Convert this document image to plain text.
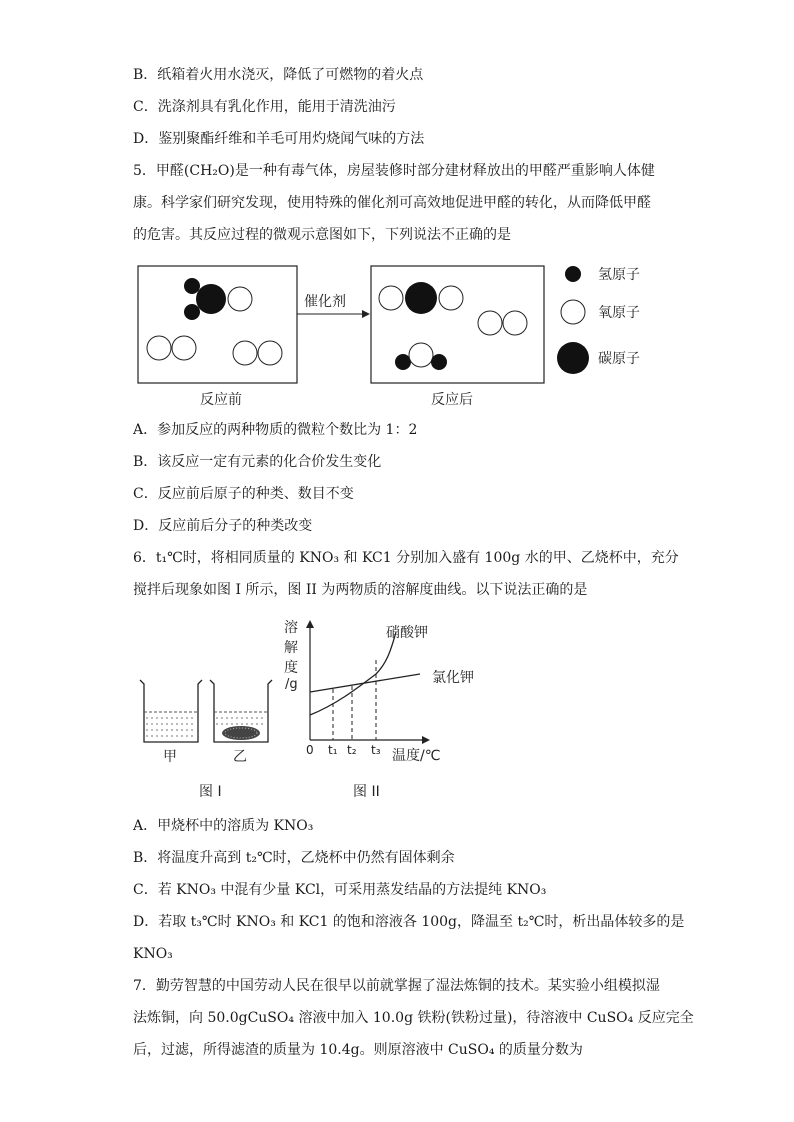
B．纸箱着火用水浇灭，降低了可燃物的着火点
C．洗涤剂具有乳化作用，能用于清洗油污
D．鉴别聚酯纤维和羊毛可用灼烧闻气味的方法
5．甲醛(CH₂O)是一种有毒气体，房屋装修时部分建材释放出的甲醛严重影响人体健
康。科学家们研究发现，使用特殊的催化剂可高效地促进甲醛的转化，从而降低甲醛
的危害。其反应过程的微观示意图如下，下列说法不正确的是
催化剂
氢原子
氧原子
碳原子
反应前	反应后
A．参加反应的两种物质的微粒个数比为 1：2
B．该反应一定有元素的化合价发生变化
C．反应前后原子的种类、数目不变
D．反应前后分子的种类改变
6．t₁℃时，将相同质量的 KNO₃ 和 KC1 分别加入盛有 100g 水的甲、乙烧杯中，充分
搅拌后现象如图 I 所示，图 II 为两物质的溶解度曲线。以下说法正确的是
甲	乙
图 I
溶
解
度
/g
0 t₁ t₂ t₃ 温度/℃
硝酸钾
氯化钾
图 II
A．甲烧杯中的溶质为 KNO₃
B．将温度升高到 t₂℃时，乙烧杯中仍然有固体剩余
C．若 KNO₃ 中混有少量 KCl，可采用蒸发结晶的方法提纯 KNO₃
D．若取 t₃℃时 KNO₃ 和 KC1 的饱和溶液各 100g，降温至 t₂℃时，析出晶体较多的是
KNO₃
7．勤劳智慧的中国劳动人民在很早以前就掌握了湿法炼铜的技术。某实验小组模拟湿
法炼铜，向 50.0gCuSO₄ 溶液中加入 10.0g 铁粉(铁粉过量)，待溶液中 CuSO₄ 反应完全
后，过滤，所得滤渣的质量为 10.4g。则原溶液中 CuSO₄ 的质量分数为
